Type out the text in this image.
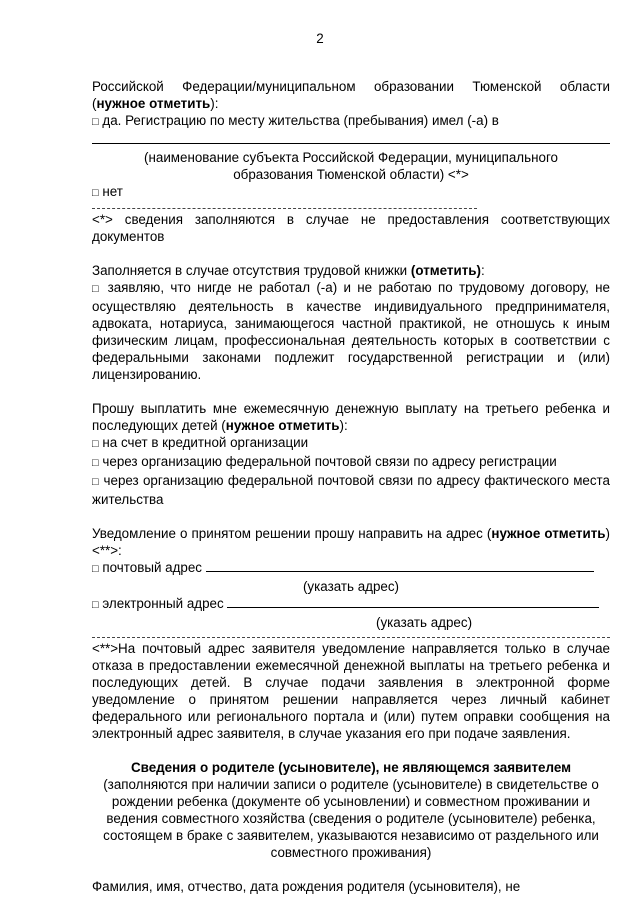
2

Российской Федерации/муниципальном образовании Тюменской области

(нужное отметить):

□ да. Регистрацию по месту жительства (пребывания) имел (-а) в

(наименование субъекта Российской Федерации, муниципального

образования Тюменской области) <*>

□ нет

<*> сведения заполняются в случае не предоставления соответствующих документов

Заполняется в случае отсутствия трудовой книжки (отметить):

□ заявляю, что нигде не работал (-а) и не работаю по трудовому договору, не осуществляю деятельность в качестве индивидуального предпринимателя, адвоката, нотариуса, занимающегося частной практикой, не отношусь к иным физическим лицам, профессиональная деятельность которых в соответствии с федеральными законами подлежит государственной регистрации и (или) лицензированию.

Прошу выплатить мне ежемесячную денежную выплату на третьего ребенка и последующих детей (нужное отметить):

□ на счет в кредитной организации

□ через организацию федеральной почтовой связи по адресу регистрации

□ через организацию федеральной почтовой связи по адресу фактического места жительства

Уведомление о принятом решении прошу направить на адрес (нужное отметить) <**>:

□ почтовый адрес

(указать адрес)

□ электронный адрес

(указать адрес)

<**>На почтовый адрес заявителя уведомление направляется только в случае отказа в предоставлении ежемесячной денежной выплаты на третьего ребенка и последующих детей. В случае подачи заявления в электронной форме уведомление о принятом решении направляется через личный кабинет федерального или регионального портала и (или) путем оправки сообщения на электронный адрес заявителя, в случае указания его при подаче заявления.

Сведения о родителе (усыновителе), не являющемся заявителем

(заполняются при наличии записи о родителе (усыновителе) в свидетельстве о рождении ребенка (документе об усыновлении) и совместном проживании и ведения совместного хозяйства (сведения о родителе (усыновителе) ребенка, состоящем в браке с заявителем, указываются независимо от раздельного или совместного проживания)

Фамилия, имя, отчество, дата рождения родителя (усыновителя), не
